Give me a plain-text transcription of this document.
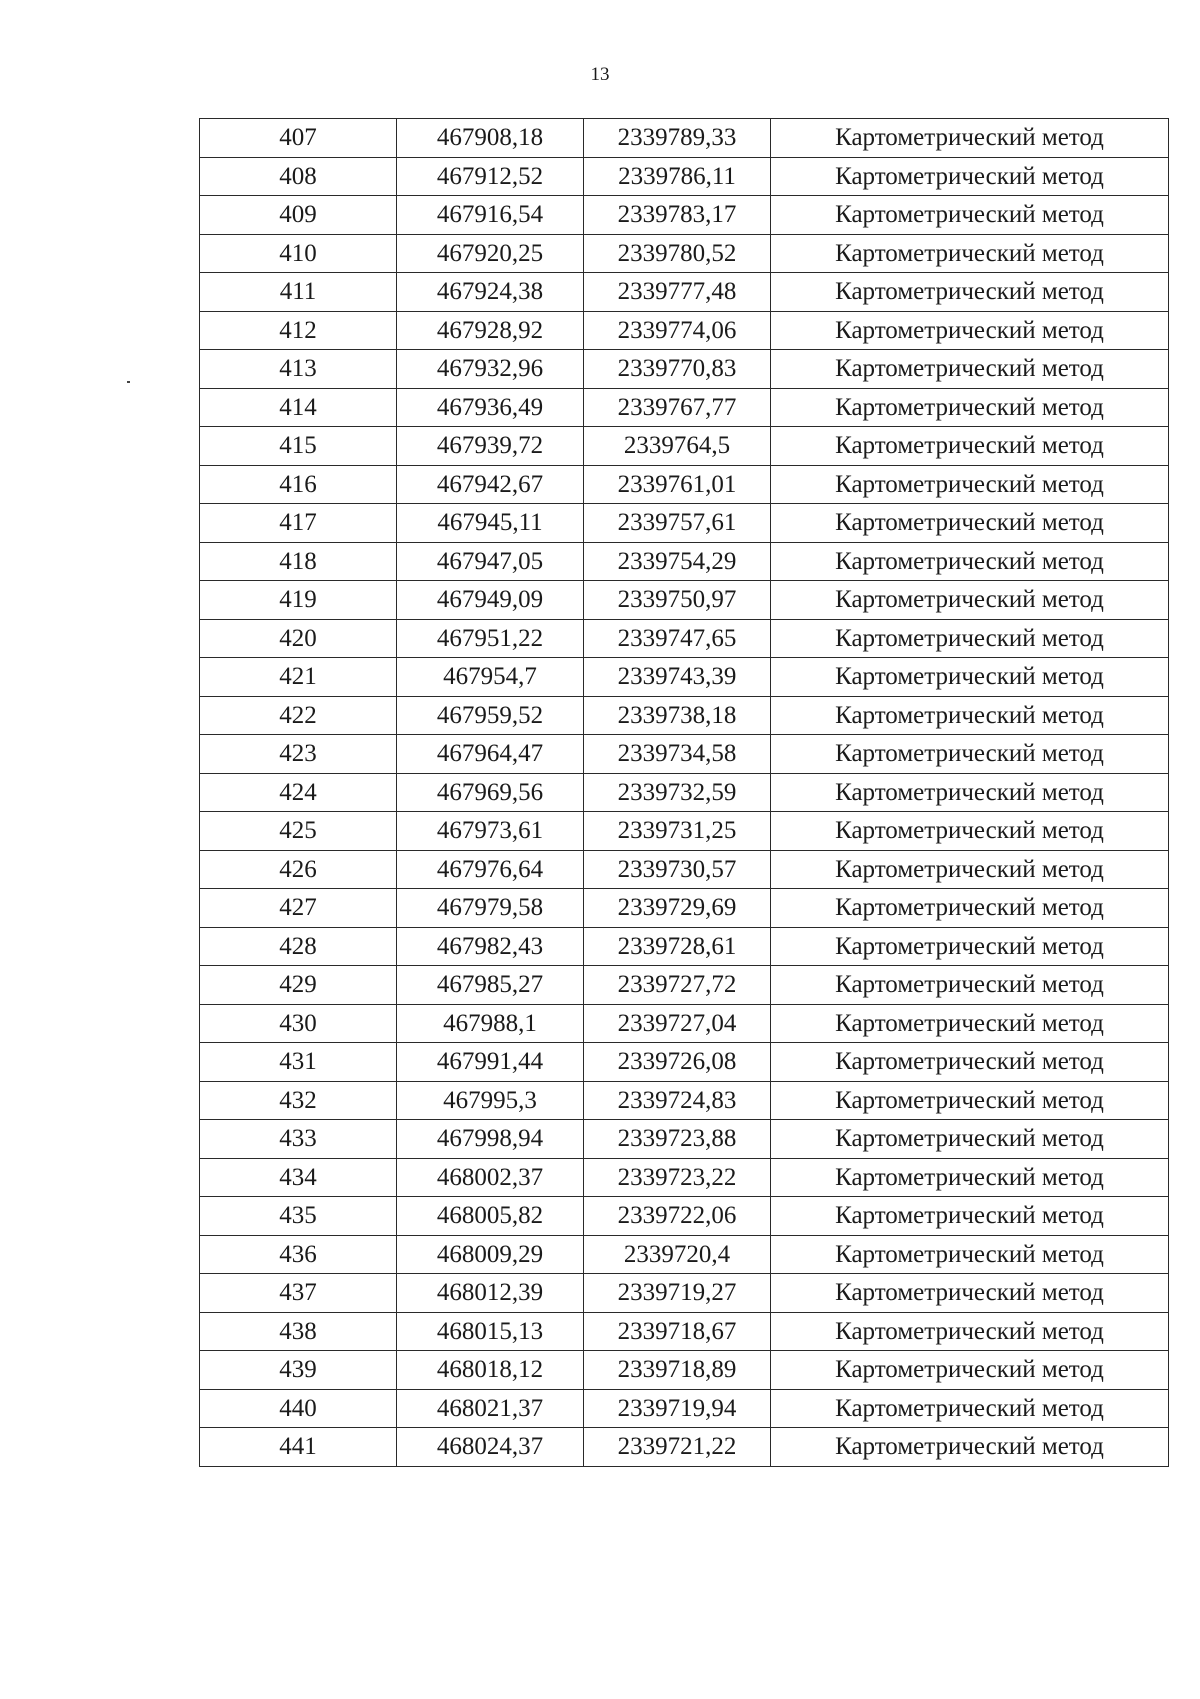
13
407	467908,18	2339789,33	Картометрический метод
408	467912,52	2339786,11	Картометрический метод
409	467916,54	2339783,17	Картометрический метод
410	467920,25	2339780,52	Картометрический метод
411	467924,38	2339777,48	Картометрический метод
412	467928,92	2339774,06	Картометрический метод
413	467932,96	2339770,83	Картометрический метод
414	467936,49	2339767,77	Картометрический метод
415	467939,72	2339764,5	Картометрический метод
416	467942,67	2339761,01	Картометрический метод
417	467945,11	2339757,61	Картометрический метод
418	467947,05	2339754,29	Картометрический метод
419	467949,09	2339750,97	Картометрический метод
420	467951,22	2339747,65	Картометрический метод
421	467954,7	2339743,39	Картометрический метод
422	467959,52	2339738,18	Картометрический метод
423	467964,47	2339734,58	Картометрический метод
424	467969,56	2339732,59	Картометрический метод
425	467973,61	2339731,25	Картометрический метод
426	467976,64	2339730,57	Картометрический метод
427	467979,58	2339729,69	Картометрический метод
428	467982,43	2339728,61	Картометрический метод
429	467985,27	2339727,72	Картометрический метод
430	467988,1	2339727,04	Картометрический метод
431	467991,44	2339726,08	Картометрический метод
432	467995,3	2339724,83	Картометрический метод
433	467998,94	2339723,88	Картометрический метод
434	468002,37	2339723,22	Картометрический метод
435	468005,82	2339722,06	Картометрический метод
436	468009,29	2339720,4	Картометрический метод
437	468012,39	2339719,27	Картометрический метод
438	468015,13	2339718,67	Картометрический метод
439	468018,12	2339718,89	Картометрический метод
440	468021,37	2339719,94	Картометрический метод
441	468024,37	2339721,22	Картометрический метод
